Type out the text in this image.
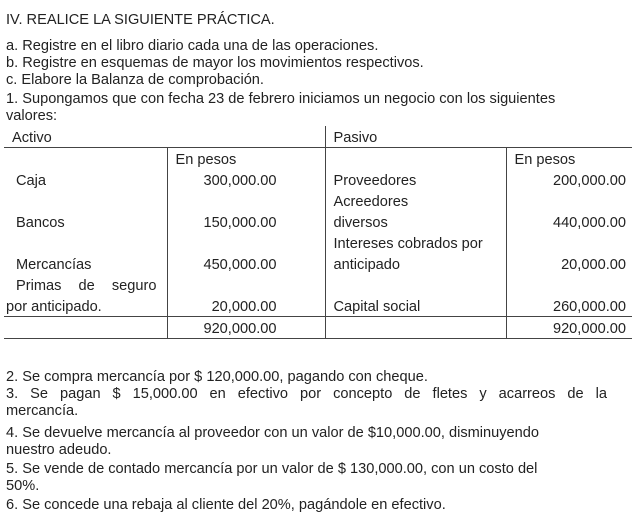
IV. REALICE LA SIGUIENTE PRÁCTICA.
a. Registre en el libro diario cada una de las operaciones.
b. Registre en esquemas de mayor los movimientos respectivos.
c. Elabore la Balanza de comprobación.
1. Supongamos que con fecha 23 de febrero iniciamos un negocio con los siguientes
valores:
Activo		Pasivo	
	En pesos		En pesos
Caja	300,000.00	Proveedores	200,000.00
		Acreedores	
Bancos	150,000.00	diversos	440,000.00
		Intereses cobrados por	
Mercancías	450,000.00	anticipado	20,000.00
Primas de seguro			
por anticipado.	20,000.00	Capital social	260,000.00
	920,000.00		920,000.00
2. Se compra mercancía por $ 120,000.00, pagando con cheque.
3. Se pagan $ 15,000.00 en efectivo por concepto de fletes y acarreos de la
mercancía.
4. Se devuelve mercancía al proveedor con un valor de $10,000.00, disminuyendo
nuestro adeudo.
5. Se vende de contado mercancía por un valor de $ 130,000.00, con un costo del
50%.
6. Se concede una rebaja al cliente del 20%, pagándole en efectivo.
